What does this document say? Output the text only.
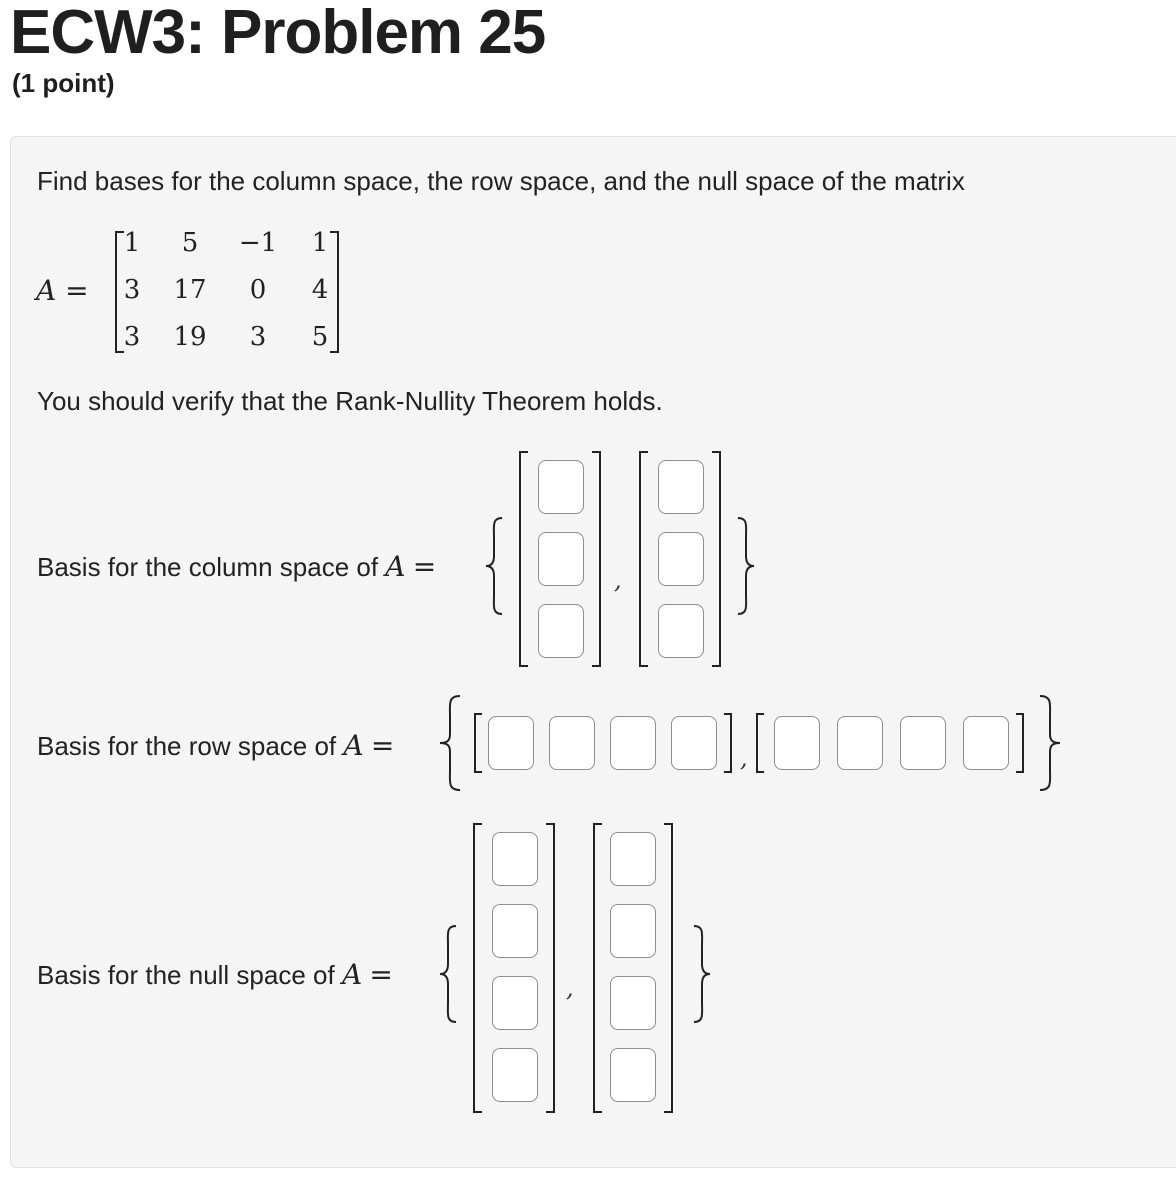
ECW3: Problem 25
(1 point)
Find bases for the column space, the row space, and the null space of the matrix
A =
1	5	−1	1
3	17	0	4
3	19	3	5
You should verify that the Rank-Nullity Theorem holds.
Basis for the column space of A =	,
Basis for the row space of A =	,
Basis for the null space of A =	,
